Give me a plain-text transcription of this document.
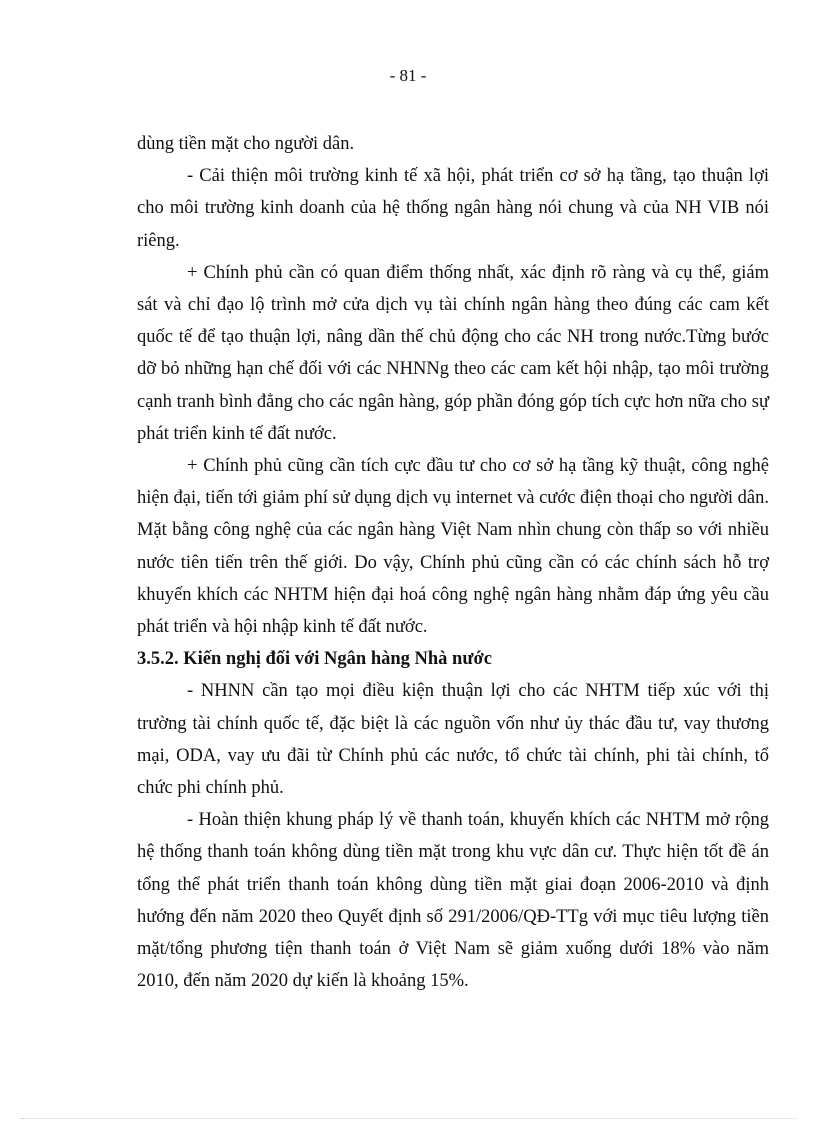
- 81 -

dùng tiền mặt cho người dân.

- Cải thiện môi trường kinh tế xã hội, phát triển cơ sở hạ tầng, tạo thuận lợi cho môi trường kinh doanh của hệ thống ngân hàng nói chung và của NH VIB nói riêng.

+ Chính phủ cần có quan điểm thống nhất, xác định rõ ràng và cụ thể, giám sát và chỉ đạo lộ trình mở cửa dịch vụ tài chính ngân hàng theo đúng các cam kết quốc tế để tạo thuận lợi, nâng dần thế chủ động cho các NH trong nước.Từng bước dỡ bỏ những hạn chế đối với các NHNNg theo các cam kết hội nhập, tạo môi trường cạnh tranh bình đẳng cho các ngân hàng, góp phần đóng góp tích cực hơn nữa cho sự phát triển kinh tế đất nước.

+ Chính phủ cũng cần tích cực đầu tư cho cơ sở hạ tầng kỹ thuật, công nghệ hiện đại, tiến tới giảm phí sử dụng dịch vụ internet và cước điện thoại cho người dân. Mặt bằng công nghệ của các ngân hàng Việt Nam nhìn chung còn thấp so với nhiều nước tiên tiến trên thế giới. Do vậy, Chính phủ cũng cần có các chính sách hỗ trợ khuyến khích các NHTM hiện đại hoá công nghệ ngân hàng nhằm đáp ứng yêu cầu phát triển và hội nhập kinh tế đất nước.

3.5.2. Kiến nghị đối với Ngân hàng Nhà nước

- NHNN cần tạo mọi điều kiện thuận lợi cho các NHTM tiếp xúc với thị trường tài chính quốc tế, đặc biệt là các nguồn vốn như ủy thác đầu tư, vay thương mại, ODA, vay ưu đãi từ Chính phủ các nước, tổ chức tài chính, phi tài chính, tổ chức phi chính phủ.

- Hoàn thiện khung pháp lý về thanh toán, khuyến khích các NHTM mở rộng hệ thống thanh toán không dùng tiền mặt trong khu vực dân cư. Thực hiện tốt đề án tổng thể phát triển thanh toán không dùng tiền mặt giai đoạn 2006-2010 và định hướng đến năm 2020 theo Quyết định số 291/2006/QĐ-TTg với mục tiêu lượng tiền mặt/tổng phương tiện thanh toán ở Việt Nam sẽ giảm xuống dưới 18% vào năm 2010, đến năm 2020 dự kiến là khoảng 15%.
